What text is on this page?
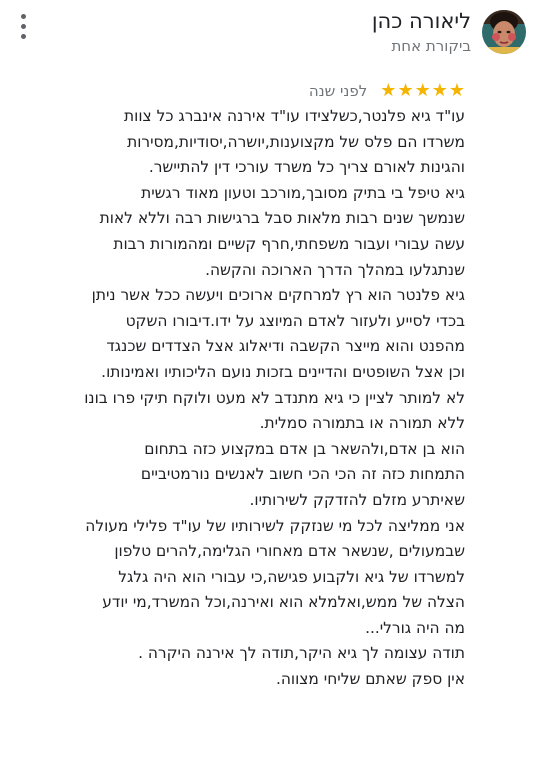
ליאורה כהן
ביקורת אחת
★
★
★
★
★
לפני שנה
עו"ד גיא פלנטר,כשלצידו עו"ד אירנה אינברג כל צוות
משרדו הם פלס של מקצוענות,יושרה,יסודיות,מסירות
והגינות לאורם צריך כל משרד עורכי דין להתיישר.
גיא טיפל בי בתיק מסובך,מורכב וטעון מאוד רגשית
שנמשך שנים רבות מלאות סבל ברגישות רבה וללא לאות
עשה עבורי ועבור משפחתי,חרף קשיים ומהמורות רבות
שנתגלעו במהלך הדרך הארוכה והקשה.
גיא פלנטר הוא רץ למרחקים ארוכים ויעשה ככל אשר ניתן
בכדי לסייע ולעזור לאדם המיוצג על ידו.דיבורו השקט
מהפנט והוא מייצר הקשבה ודיאלוג אצל הצדדים שכנגד
וכן אצל השופטים והדיינים בזכות נועם הליכותיו ואמינותו.
לא למותר לציין כי גיא מתנדב לא מעט ולוקח תיקי פרו בונו
ללא תמורה או בתמורה סמלית.
הוא בן אדם,ולהשאר בן אדם במקצוע כזה בתחום
התמחות כזה זה הכי הכי חשוב לאנשים נורמטיביים
שאיתרע מזלם להזדקק לשירותיו.
אני ממליצה לכל מי שנזקק לשירותיו של עו"ד פלילי מעולה
שבמעולים ,שנשאר אדם מאחורי הגלימה,להרים טלפון
למשרדו של גיא ולקבוע פגישה,כי עבורי הוא היה גלגל
הצלה של ממש,ואלמלא הוא ואירנה,וכל המשרד,מי יודע
מה היה גורלי...
תודה עצומה לך גיא היקר,תודה לך אירנה היקרה .
אין ספק שאתם שליחי מצווה.
